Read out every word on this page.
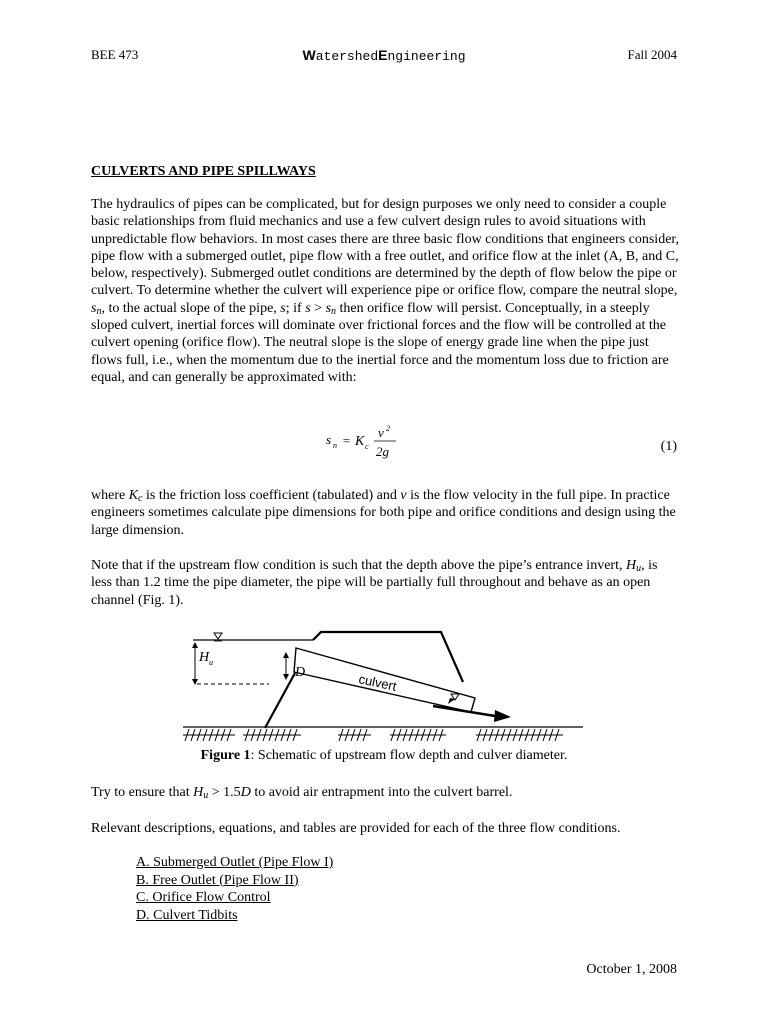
BEE 473	WatershedEngineering	Fall 2004
CULVERTS AND PIPE SPILLWAYS
The hydraulics of pipes can be complicated, but for design purposes we only need to consider a couple basic relationships from fluid mechanics and use a few culvert design rules to avoid situations with unpredictable flow behaviors. In most cases there are three basic flow conditions that engineers consider, pipe flow with a submerged outlet, pipe flow with a free outlet, and orifice flow at the inlet (A, B, and C, below, respectively). Submerged outlet conditions are determined by the depth of flow below the pipe or culvert. To determine whether the culvert will experience pipe or orifice flow, compare the neutral slope, $s_n$, to the actual slope of the pipe, s; if $s > s_n$ then orifice flow will persist. Conceptually, in a steeply sloped culvert, inertial forces will dominate over frictional forces and the flow will be controlled at the culvert opening (orifice flow). The neutral slope is the slope of energy grade line when the pipe just flows full, i.e., when the momentum due to the inertial force and the momentum loss due to friction are equal, and can generally be approximated with:
s n = K c
v 2
2g	(1)
where $K_c$ is the friction loss coefficient (tabulated) and v is the flow velocity in the full pipe. In practice engineers sometimes calculate pipe dimensions for both pipe and orifice conditions and design using the large dimension.
Note that if the upstream flow condition is such that the depth above the pipe’s entrance invert, $H_u$, is less than 1.2 time the pipe diameter, the pipe will be partially full throughout and behave as an open channel (Fig. 1).
H u
D	culvert
Figure 1: Schematic of upstream flow depth and culver diameter.
Try to ensure that $H_u > 1.5D$ to avoid air entrapment into the culvert barrel.
Relevant descriptions, equations, and tables are provided for each of the three flow conditions.
A. Submerged Outlet (Pipe Flow I)
B. Free Outlet (Pipe Flow II)
C. Orifice Flow Control
D. Culvert Tidbits
October 1, 2008
